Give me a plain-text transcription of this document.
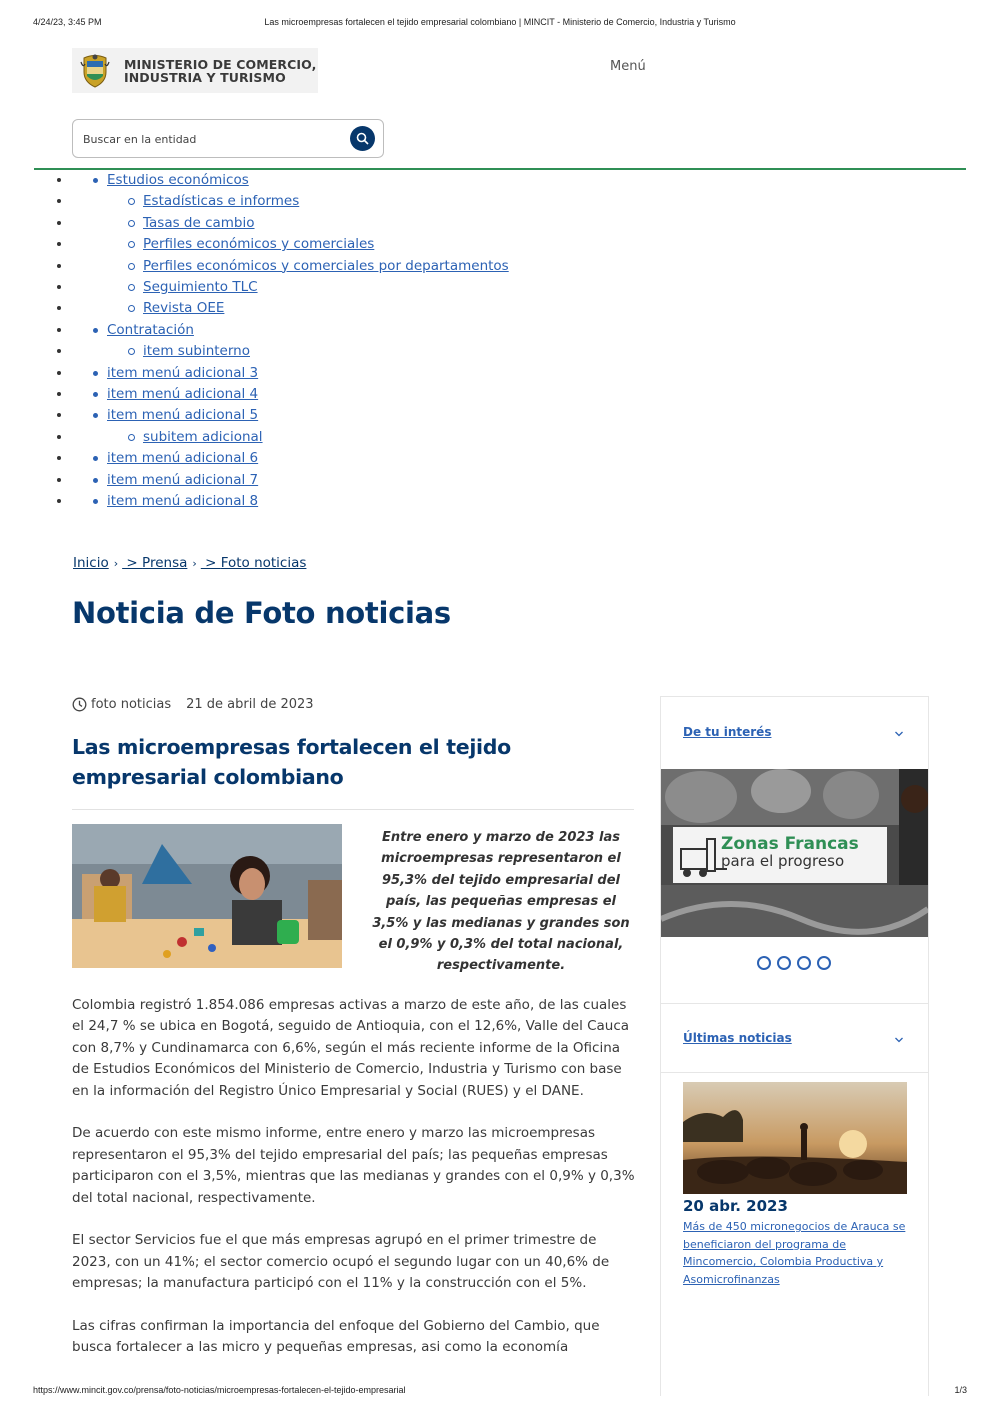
4/24/23, 3:45 PM	Las microempresas fortalecen el tejido empresarial colombiano | MINCIT - Ministerio de Comercio, Industria y Turismo
MINISTERIO DE COMERCIO,
INDUSTRIA Y TURISMO
Menú
Buscar en la entidad
• Estudios económicos
• Estadísticas e informes
• Tasas de cambio
• Perfiles económicos y comerciales
• Perfiles económicos y comerciales por departamentos
• Seguimiento TLC
• Revista OEE
• Contratación
• item subinterno
• item menú adicional 3
• item menú adicional 4
• item menú adicional 5
• subitem adicional
• item menú adicional 6
• item menú adicional 7
• item menú adicional 8
Inicio › > Prensa › > Foto noticias
Noticia de Foto noticias
foto noticias 21 de abril de 2023
Las microempresas fortalecen el tejido empresarial colombiano
Entre enero y marzo de 2023 las microempresas representaron el 95,3% del tejido empresarial del país, las pequeñas empresas el 3,5% y las medianas y grandes son el 0,9% y 0,3% del total nacional, respectivamente.

Colombia registró 1.854.086 empresas activas a marzo de este año, de las cuales el 24,7 % se ubica en Bogotá, seguido de Antioquia, con el 12,6%, Valle del Cauca con 8,7% y Cundinamarca con 6,6%, según el más reciente informe de la Oficina de Estudios Económicos del Ministerio de Comercio, Industria y Turismo con base en la información del Registro Único Empresarial y Social (RUES) y el DANE.

De acuerdo con este mismo informe, entre enero y marzo las microempresas representaron el 95,3% del tejido empresarial del país; las pequeñas empresas participaron con el 3,5%, mientras que las medianas y grandes con el 0,9% y 0,3% del total nacional, respectivamente.

El sector Servicios fue el que más empresas agrupó en el primer trimestre de 2023, con un 41%; el sector comercio ocupó el segundo lugar con un 40,6% de empresas; la manufactura participó con el 11% y la construcción con el 5%.

Las cifras confirman la importancia del enfoque del Gobierno del Cambio, que busca fortalecer a las micro y pequeñas empresas, asi como la economía

De tu interés
Zonas Francas
para el progreso
Últimas noticias
20 abr. 2023
Más de 450 micronegocios de Arauca se beneficiaron del programa de Mincomercio, Colombia Productiva y Asomicrofinanzas
https://www.mincit.gov.co/prensa/foto-noticias/microempresas-fortalecen-el-tejido-empresarial	1/3
